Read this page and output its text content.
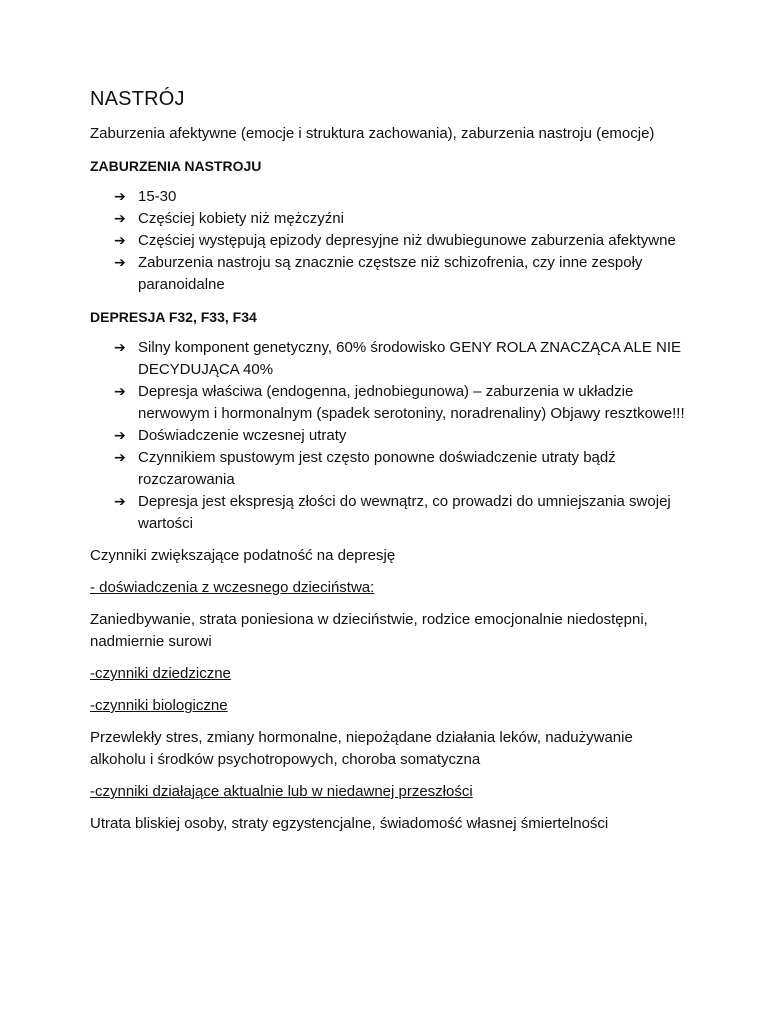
NASTRÓJ

Zaburzenia afektywne (emocje i struktura zachowania), zaburzenia nastroju (emocje)

ZABURZENIA NASTROJU
➔ 15-30
➔ Częściej kobiety niż mężczyźni
➔ Częściej występują epizody depresyjne niż dwubiegunowe zaburzenia afektywne
➔ Zaburzenia nastroju są znacznie częstsze niż schizofrenia, czy inne zespoły paranoidalne
DEPRESJA F32, F33, F34
➔ Silny komponent genetyczny, 60% środowisko GENY ROLA ZNACZĄCA ALE NIE DECYDUJĄCA 40%
➔ Depresja właściwa (endogenna, jednobiegunowa) – zaburzenia w układzie nerwowym i hormonalnym (spadek serotoniny, noradrenaliny) Objawy resztkowe!!!
➔ Doświadczenie wczesnej utraty
➔ Czynnikiem spustowym jest często ponowne doświadczenie utraty bądź rozczarowania
➔ Depresja jest ekspresją złości do wewnątrz, co prowadzi do umniejszania swojej wartości

Czynniki zwiększające podatność na depresję

- doświadczenia z wczesnego dzieciństwa:

Zaniedbywanie, strata poniesiona w dzieciństwie, rodzice emocjonalnie niedostępni, nadmiernie surowi

-czynniki dziedziczne

-czynniki biologiczne

Przewlekły stres, zmiany hormonalne, niepożądane działania leków, nadużywanie alkoholu i środków psychotropowych, choroba somatyczna

-czynniki działające aktualnie lub w niedawnej przeszłości

Utrata bliskiej osoby, straty egzystencjalne, świadomość własnej śmiertelności
